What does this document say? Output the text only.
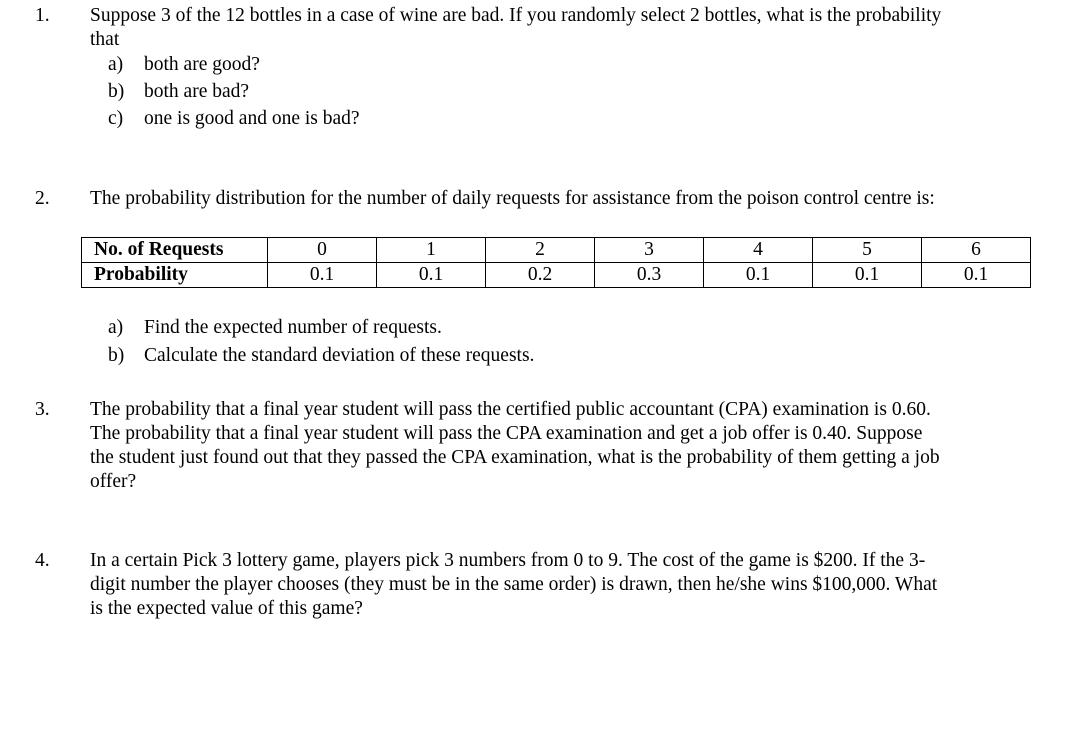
1. Suppose 3 of the 12 bottles in a case of wine are bad. If you randomly select 2 bottles, what is the probability
that
a) both are good?
b) both are bad?
c) one is good and one is bad?
2. The probability distribution for the number of daily requests for assistance from the poison control centre is:
No. of Requests	0	1	2	3	4	5	6
Probability	0.1	0.1	0.2	0.3	0.1	0.1	0.1
a) Find the expected number of requests.
b) Calculate the standard deviation of these requests.
3. The probability that a final year student will pass the certified public accountant (CPA) examination is 0.60.
The probability that a final year student will pass the CPA examination and get a job offer is 0.40. Suppose
the student just found out that they passed the CPA examination, what is the probability of them getting a job
offer?
4. In a certain Pick 3 lottery game, players pick 3 numbers from 0 to 9. The cost of the game is $200. If the 3-
digit number the player chooses (they must be in the same order) is drawn, then he/she wins $100,000. What
is the expected value of this game?
